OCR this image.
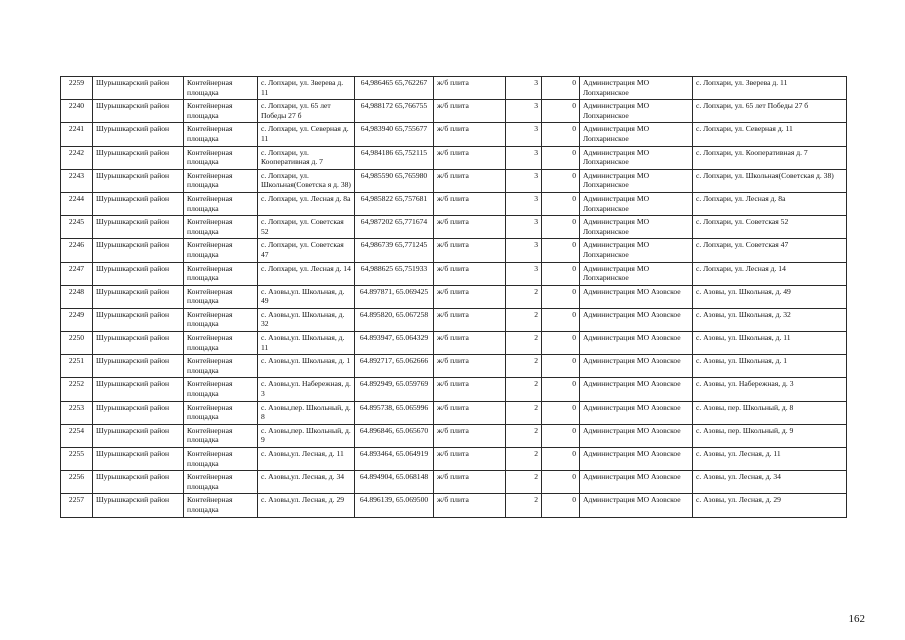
2259	Шурышкарский район	Контейнерная площадка	с. Лопхари, ул. Зверева д. 11	64,986465 65,762267	ж/б плита	3	0	Администрация МО Лопхаринское	с. Лопхари, ул. Зверева д. 11
2240	Шурышкарский район	Контейнерная площадка	с. Лопхари, ул. 65 лет Победы 27 б	64,988172 65,766755	ж/б плита	3	0	Администрация МО Лопхаринское	с. Лопхари, ул. 65 лет Победы 27 б
2241	Шурышкарский район	Контейнерная площадка	с. Лопхари, ул. Северная д. 11	64,983940 65,755677	ж/б плита	3	0	Администрация МО Лопхаринское	с. Лопхари, ул. Северная д. 11
2242	Шурышкарский район	Контейнерная площадка	с. Лопхари, ул. Кооперативная д. 7	64,984186 65,752115	ж/б плита	3	0	Администрация МО Лопхаринское	с. Лопхари, ул. Кооперативная д. 7
2243	Шурышкарский район	Контейнерная площадка	с. Лопхари, ул. Школьная(Советска я д. 38)	64,985590 65,765980	ж/б плита	3	0	Администрация МО Лопхаринское	с. Лопхари, ул. Школьная(Советская д. 38)
2244	Шурышкарский район	Контейнерная площадка	с. Лопхари, ул. Лесная д. 8а	64,985822 65,757681	ж/б плита	3	0	Администрация МО Лопхаринское	с. Лопхари, ул. Лесная д. 8а
2245	Шурышкарский район	Контейнерная площадка	с. Лопхари, ул. Советская 52	64,987202 65,771674	ж/б плита	3	0	Администрация МО Лопхаринское	с. Лопхари, ул. Советская 52
2246	Шурышкарский район	Контейнерная площадка	с. Лопхари, ул. Советская 47	64,986739 65,771245	ж/б плита	3	0	Администрация МО Лопхаринское	с. Лопхари, ул. Советская 47
2247	Шурышкарский район	Контейнерная площадка	с. Лопхари, ул. Лесная д. 14	64,988625 65,751933	ж/б плита	3	0	Администрация МО Лопхаринское	с. Лопхари, ул. Лесная д. 14
2248	Шурышкарский район	Контейнерная площадка	с. Азовы,ул. Школьная, д. 49	64.897871, 65.069425	ж/б плита	2	0	Администрация МО Азовское	с. Азовы, ул. Школьная, д. 49
2249	Шурышкарский район	Контейнерная площадка	с. Азовы,ул. Школьная, д. 32	64.895820, 65.067258	ж/б плита	2	0	Администрация МО Азовское	с. Азовы, ул. Школьная, д. 32
2250	Шурышкарский район	Контейнерная площадка	с. Азовы,ул. Школьная, д. 11	64.893947, 65.064329	ж/б плита	2	0	Администрация МО Азовское	с. Азовы, ул. Школьная, д. 11
2251	Шурышкарский район	Контейнерная площадка	с. Азовы,ул. Школьная, д. 1	64.892717, 65.062666	ж/б плита	2	0	Администрация МО Азовское	с. Азовы, ул. Школьная, д. 1
2252	Шурышкарский район	Контейнерная площадка	с. Азовы,ул. Набережная, д. 3	64.892949, 65.059769	ж/б плита	2	0	Администрация МО Азовское	с. Азовы, ул. Набережная, д. 3
2253	Шурышкарский район	Контейнерная площадка	с. Азовы,пер. Школьный, д. 8	64.895738, 65.065996	ж/б плита	2	0	Администрация МО Азовское	с. Азовы, пер. Школьный, д. 8
2254	Шурышкарский район	Контейнерная площадка	с. Азовы,пер. Школьный, д. 9	64.896846, 65.065670	ж/б плита	2	0	Администрация МО Азовское	с. Азовы, пер. Школьный, д. 9
2255	Шурышкарский район	Контейнерная площадка	с. Азовы,ул. Лесная, д. 11	64.893464, 65.064919	ж/б плита	2	0	Администрация МО Азовское	с. Азовы, ул. Лесная, д. 11
2256	Шурышкарский район	Контейнерная площадка	с. Азовы,ул. Лесная, д. 34	64.894904, 65.068148	ж/б плита	2	0	Администрация МО Азовское	с. Азовы, ул. Лесная, д. 34
2257	Шурышкарский район	Контейнерная площадка	с. Азовы,ул. Лесная, д. 29	64.896139, 65.069500	ж/б плита	2	0	Администрация МО Азовское	с. Азовы, ул. Лесная, д. 29
162
